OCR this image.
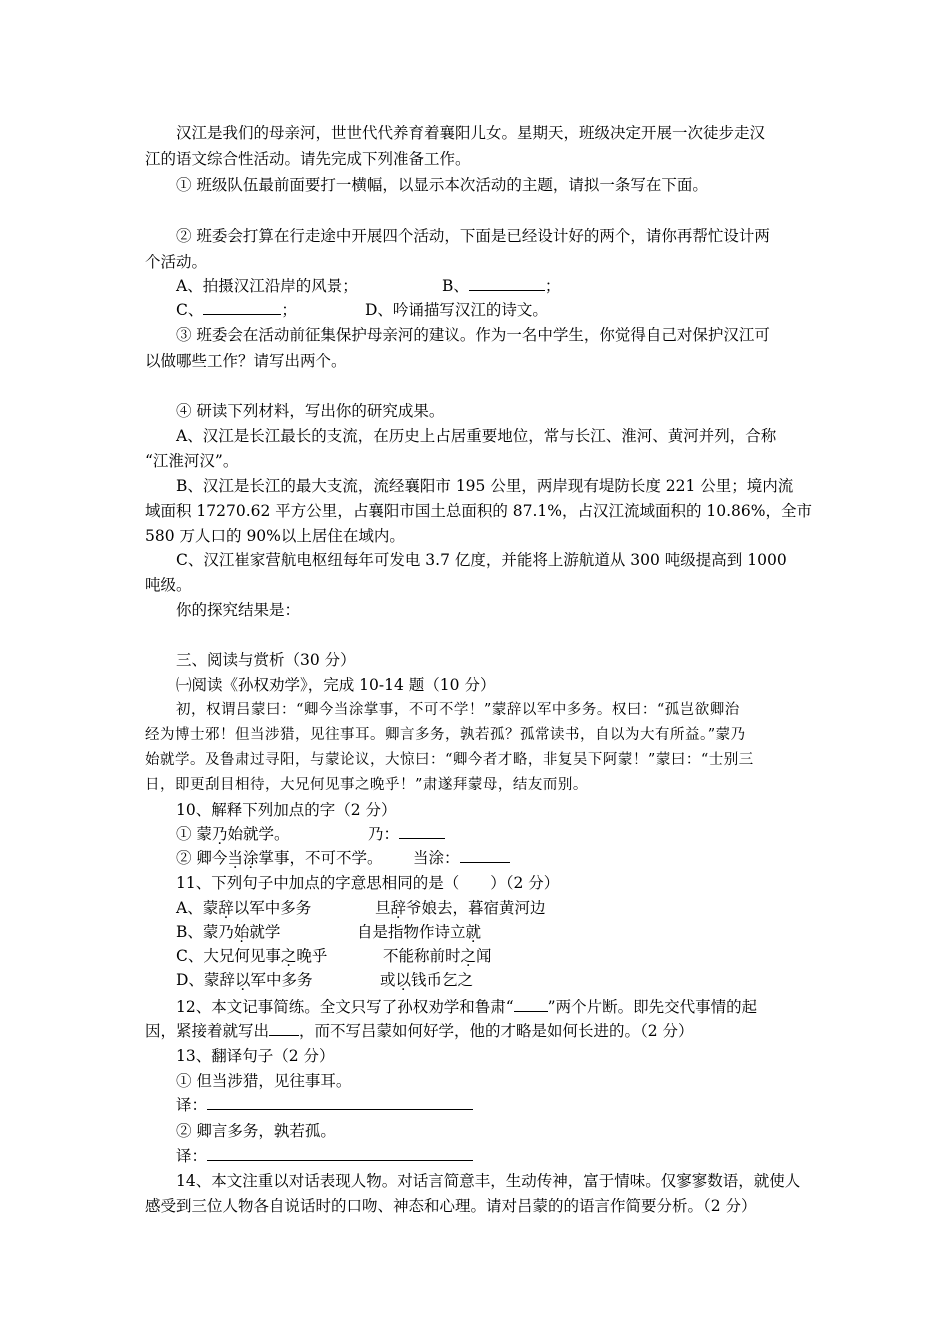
汉江是我们的母亲河，世世代代养育着襄阳儿女。星期天，班级决定开展一次徒步走汉
江的语文综合性活动。请先完成下列准备工作。
① 班级队伍最前面要打一横幅，以显示本次活动的主题，请拟一条写在下面。
② 班委会打算在行走途中开展四个活动，下面是已经设计好的两个，请你再帮忙设计两
个活动。
A、拍摄汉江沿岸的风景；	B、	；
C、	；	D、吟诵描写汉江的诗文。
③ 班委会在活动前征集保护母亲河的建议。作为一名中学生，你觉得自己对保护汉江可
以做哪些工作？请写出两个。
④ 研读下列材料，写出你的研究成果。
A、汉江是长江最长的支流，在历史上占居重要地位，常与长江、淮河、黄河并列，合称
“江淮河汉”。
B、汉江是长江的最大支流，流经襄阳市 195 公里，两岸现有堤防长度 221 公里；境内流
域面积 17270.62 平方公里，占襄阳市国土总面积的 87.1%，占汉江流域面积的 10.86%，全市
580 万人口的 90%以上居住在域内。
C、汉江崔家营航电枢纽每年可发电 3.7 亿度，并能将上游航道从 300 吨级提高到 1000
吨级。
你的探究结果是：
三、阅读与赏析（30 分）
㈠阅读《孙权劝学》，完成 10-14 题（10 分）
初，权谓吕蒙曰：“卿今当涂掌事，不可不学！”蒙辞以军中多务。权曰：“孤岂欲卿治
经为博士邪！但当涉猎，见往事耳。卿言多务，孰若孤？孤常读书，自以为大有所益。”蒙乃
始就学。及鲁肃过寻阳，与蒙论议，大惊曰：“卿今者才略，非复吴下阿蒙！”蒙曰：“士别三
日，即更刮目相待，大兄何见事之晚乎！”肃遂拜蒙母，结友而别。
10、解释下列加点的字（2 分）
① 蒙乃始就学。	乃：
② 卿今当涂掌事，不可不学。 当涂：
11、下列句子中加点的字意思相同的是（　　）（2 分）
A、蒙辞以军中多务	旦辞爷娘去，暮宿黄河边
B、蒙乃始就学	自是指物作诗立就
C、大兄何见事之晚乎	不能称前时之闻
D、蒙辞以军中多务	或以钱币乞之
12、本文记事简练。全文只写了孙权劝学和鲁肃“ ”两个片断。即先交代事情的起
因，紧接着就写出 ，而不写吕蒙如何好学，他的才略是如何长进的。（2 分）
13、翻译句子（2 分）
① 但当涉猎，见往事耳。
译：
② 卿言多务，孰若孤。
译：
14、本文注重以对话表现人物。对话言简意丰，生动传神，富于情味。仅寥寥数语，就使人
感受到三位人物各自说话时的口吻、神态和心理。请对吕蒙的的语言作简要分析。（2 分）
